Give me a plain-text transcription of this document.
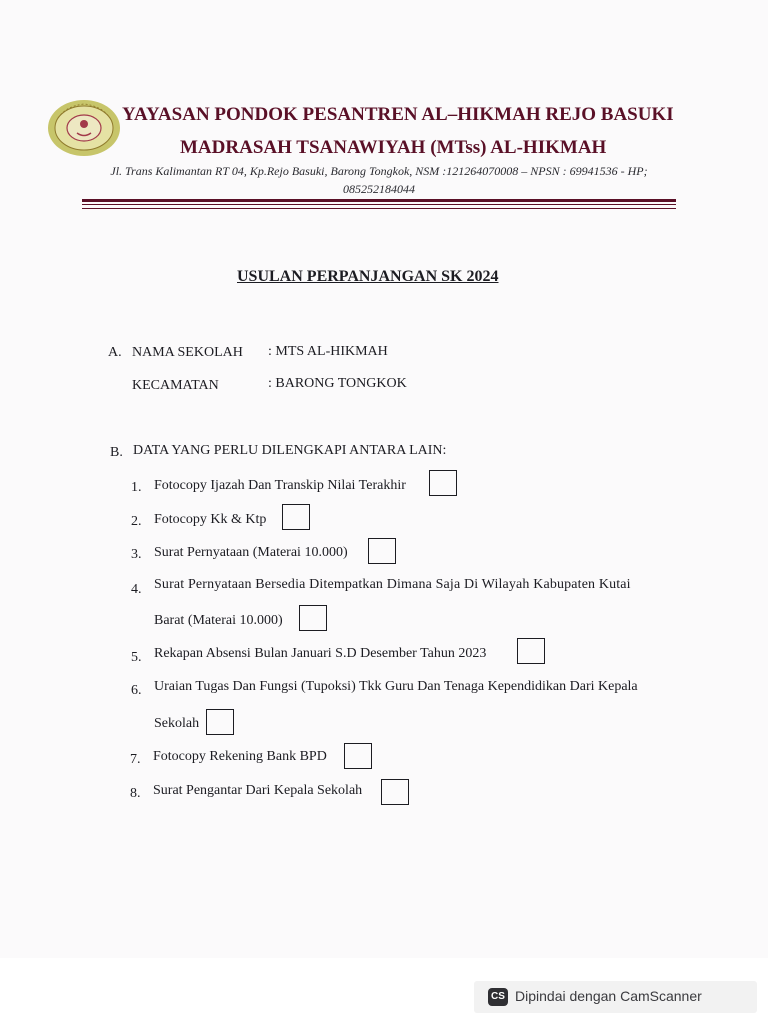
YAYASAN PONDOK PESANTREN AL–HIKMAH REJO BASUKI
MADRASAH TSANAWIYAH (MTss) AL-HIKMAH
Jl. Trans Kalimantan RT 04, Kp.Rejo Basuki, Barong Tongkok, NSM :121264070008 – NPSN : 69941536 - HP;
085252184044
USULAN PERPANJANGAN SK 2024
A. NAMA SEKOLAH : MTS AL-HIKMAH
KECAMATAN	: BARONG TONGKOK
B. DATA YANG PERLU DILENGKAPI ANTARA LAIN:
1. Fotocopy Ijazah Dan Transkip Nilai Terakhir
2. Fotocopy Kk & Ktp
3. Surat Pernyataan (Materai 10.000)
4. Surat Pernyataan Bersedia Ditempatkan Dimana Saja Di Wilayah Kabupaten Kutai
Barat (Materai 10.000)
5. Rekapan Absensi Bulan Januari S.D Desember Tahun 2023
6. Uraian Tugas Dan Fungsi (Tupoksi) Tkk Guru Dan Tenaga Kependidikan Dari Kepala
Sekolah
7. Fotocopy Rekening Bank BPD
8. Surat Pengantar Dari Kepala Sekolah
CS Dipindai dengan CamScanner
